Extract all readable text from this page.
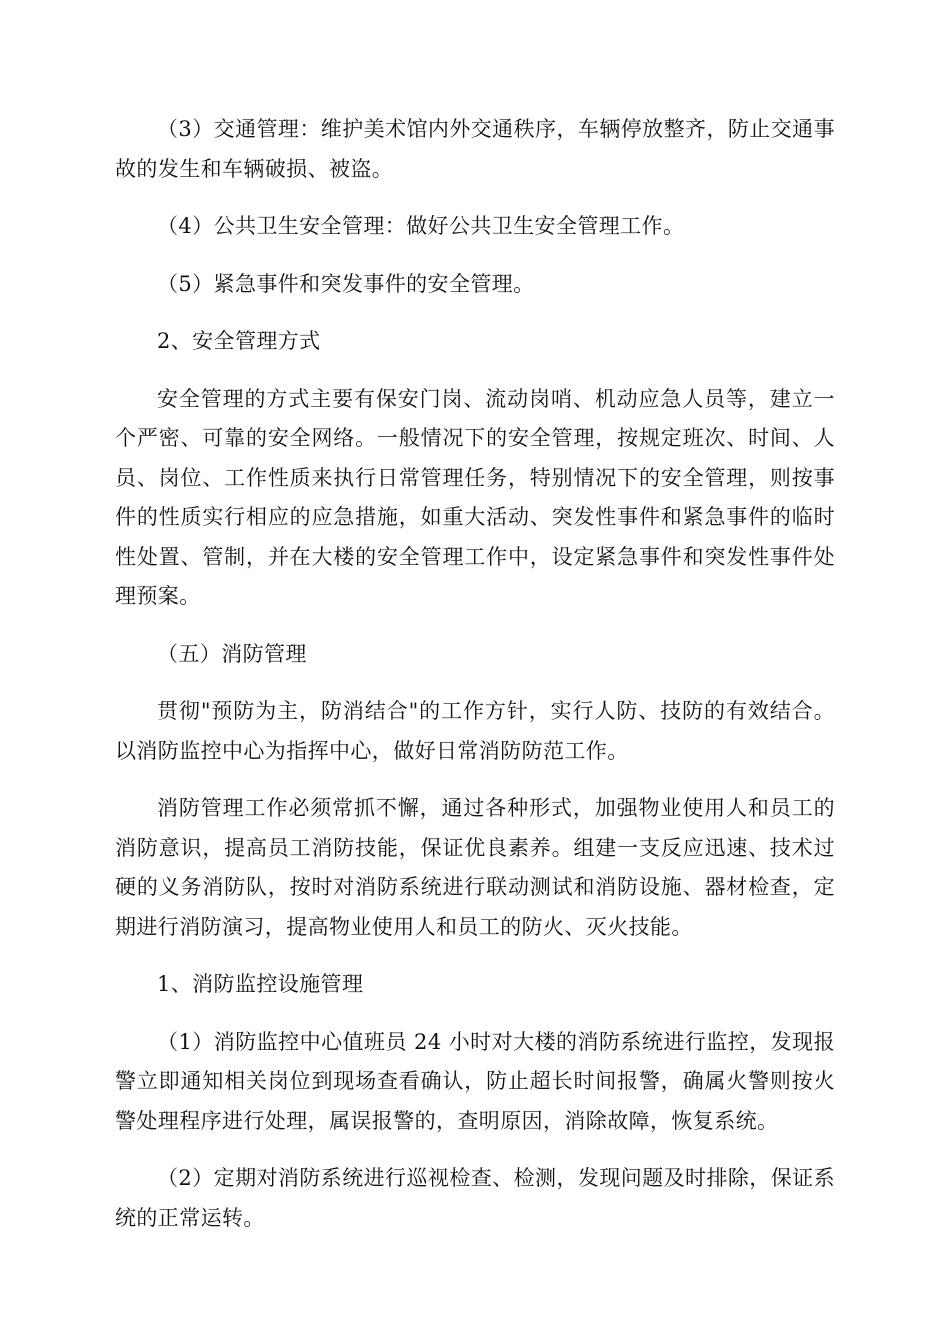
（3）交通管理：维护美术馆内外交通秩序，车辆停放整齐，防止交通事故的发生和车辆破损、被盗。

（4）公共卫生安全管理：做好公共卫生安全管理工作。

（5）紧急事件和突发事件的安全管理。

2、安全管理方式

安全管理的方式主要有保安门岗、流动岗哨、机动应急人员等，建立一个严密、可靠的安全网络。一般情况下的安全管理，按规定班次、时间、人员、岗位、工作性质来执行日常管理任务，特别情况下的安全管理，则按事件的性质实行相应的应急措施，如重大活动、突发性事件和紧急事件的临时性处置、管制，并在大楼的安全管理工作中，设定紧急事件和突发性事件处理预案。

（五）消防管理

贯彻"预防为主，防消结合"的工作方针，实行人防、技防的有效结合。以消防监控中心为指挥中心，做好日常消防防范工作。

消防管理工作必须常抓不懈，通过各种形式，加强物业使用人和员工的消防意识，提高员工消防技能，保证优良素养。组建一支反应迅速、技术过硬的义务消防队，按时对消防系统进行联动测试和消防设施、器材检查，定期进行消防演习，提高物业使用人和员工的防火、灭火技能。

1、消防监控设施管理

（1）消防监控中心值班员 24 小时对大楼的消防系统进行监控，发现报警立即通知相关岗位到现场查看确认，防止超长时间报警，确属火警则按火警处理程序进行处理，属误报警的，查明原因，消除故障，恢复系统。

（2）定期对消防系统进行巡视检查、检测，发现问题及时排除，保证系统的正常运转。
